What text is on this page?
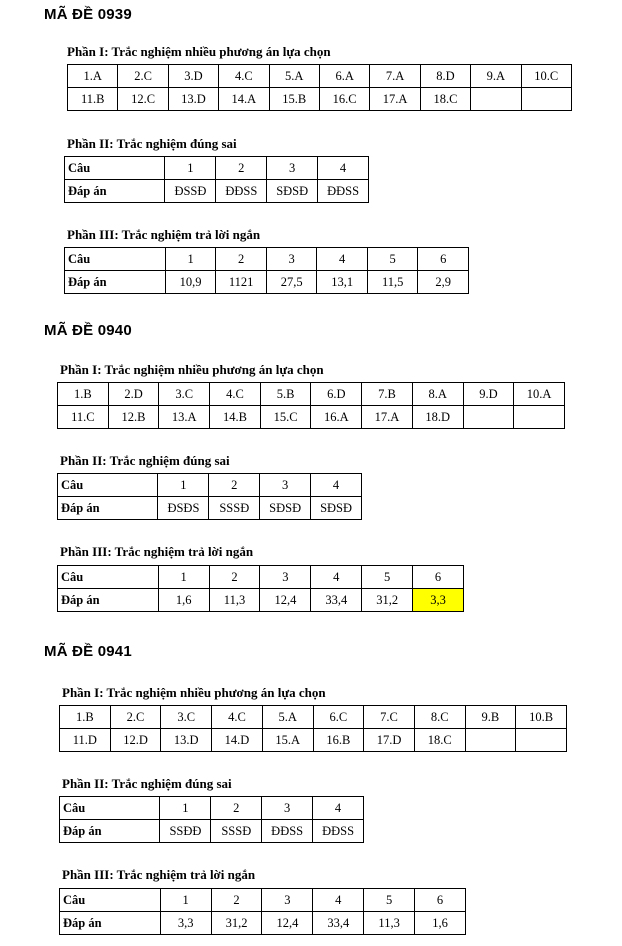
MÃ ĐỀ 0939
Phần I: Trắc nghiệm nhiều phương án lựa chọn
1.A	2.C	3.D	4.C	5.A	6.A	7.A	8.D	9.A	10.C
11.B	12.C	13.D	14.A	15.B	16.C	17.A	18.C		
Phần II: Trắc nghiệm đúng sai
Câu	1	2	3	4
Đáp án	ĐSSĐ	ĐĐSS	SĐSĐ	ĐĐSS
Phần III: Trắc nghiệm trả lời ngắn
Câu	1	2	3	4	5	6
Đáp án	10,9	1121	27,5	13,1	11,5	2,9
MÃ ĐỀ 0940
Phần I: Trắc nghiệm nhiều phương án lựa chọn
1.B	2.D	3.C	4.C	5.B	6.D	7.B	8.A	9.D	10.A
11.C	12.B	13.A	14.B	15.C	16.A	17.A	18.D		
Phần II: Trắc nghiệm đúng sai
Câu	1	2	3	4
Đáp án	ĐSĐS	SSSĐ	SĐSĐ	SĐSĐ
Phần III: Trắc nghiệm trả lời ngắn
Câu	1	2	3	4	5	6
Đáp án	1,6	11,3	12,4	33,4	31,2	3,3
MÃ ĐỀ 0941
Phần I: Trắc nghiệm nhiều phương án lựa chọn
1.B	2.C	3.C	4.C	5.A	6.C	7.C	8.C	9.B	10.B
11.D	12.D	13.D	14.D	15.A	16.B	17.D	18.C		
Phần II: Trắc nghiệm đúng sai
Câu	1	2	3	4
Đáp án	SSĐĐ	SSSĐ	ĐĐSS	ĐĐSS
Phần III: Trắc nghiệm trả lời ngắn
Câu	1	2	3	4	5	6
Đáp án	3,3	31,2	12,4	33,4	11,3	1,6
